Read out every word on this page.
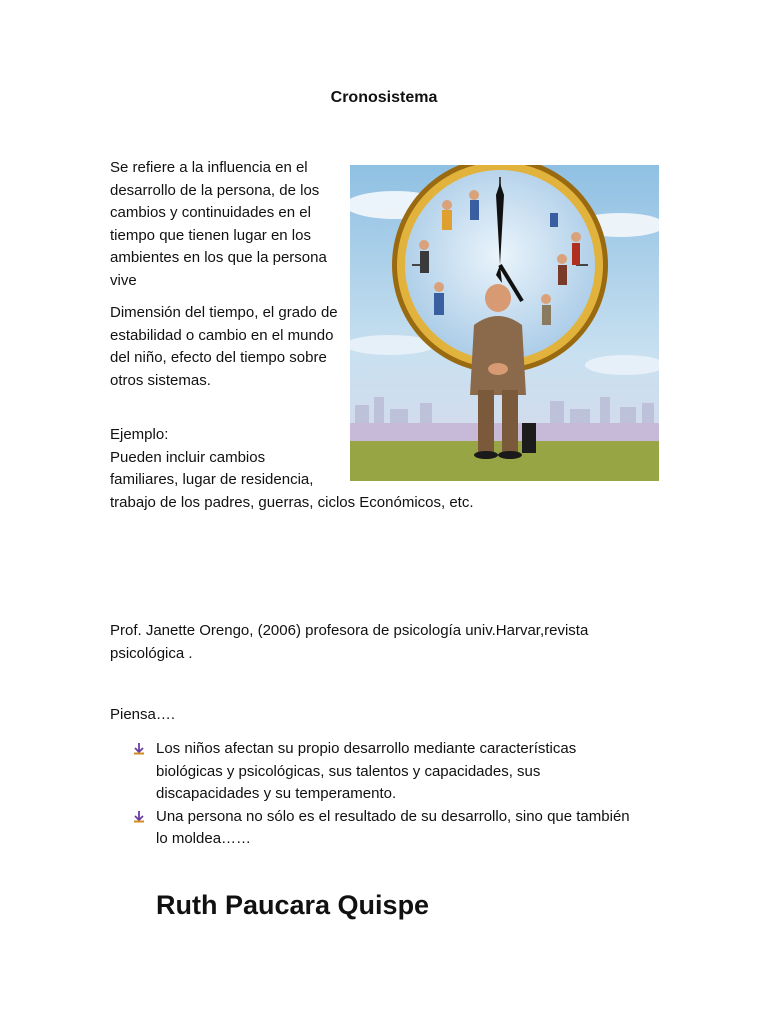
Cronosistema

Se refiere a la influencia en el desarrollo de la persona, de los cambios y continuidades en el tiempo que tienen lugar en los ambientes en los que la persona vive

Dimensión del tiempo, el grado de estabilidad o cambio en el mundo del niño, efecto del tiempo sobre otros sistemas.

Ejemplo:
Pueden incluir cambios
familiares, lugar de residencia,
trabajo de los padres, guerras, ciclos Económicos, etc.

Prof. Janette Orengo, (2006) profesora de psicología univ.Harvar,revista psicológica .

Piensa….
Los niños afectan su propio desarrollo mediante características biológicas y psicológicas, sus talentos y capacidades, sus discapacidades y su temperamento.
Una persona no sólo es el resultado de su desarrollo, sino que también lo moldea……
Ruth Paucara Quispe
